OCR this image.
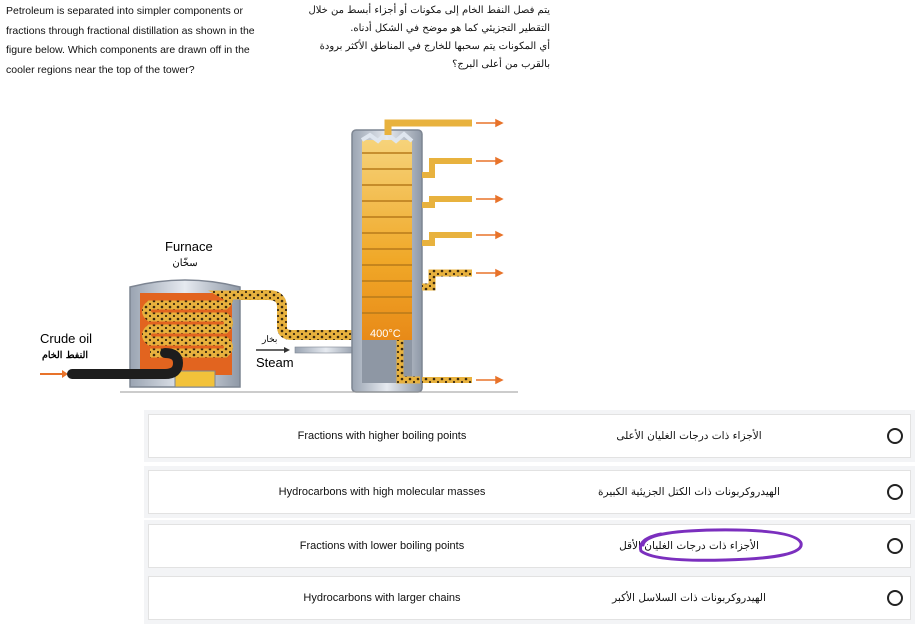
Petroleum is separated into simpler components or
fractions through fractional distillation as shown in the
figure below. Which components are drawn off in the
cooler regions near the top of the tower?
يتم فصل النفط الخام إلى مكونات أو أجزاء أبسط من خلال
التقطير التجزيئي كما هو موضح في الشكل أدناه.
أي المكونات يتم سحبها للخارج في المناطق الأكثر برودة
بالقرب من أعلى البرج؟
Furnace
سخّان
Crude oil
النفط الخام
بخار
Steam
400°C
Fractions with higher boiling points	الأجزاء ذات درجات الغليان الأعلى
Hydrocarbons with high molecular masses	الهيدروكربونات ذات الكتل الجزيئية الكبيرة
Fractions with lower boiling points	الأجزاء ذات درجات الغليان الأقل
Hydrocarbons with larger chains	الهيدروكربونات ذات السلاسل الأكبر
